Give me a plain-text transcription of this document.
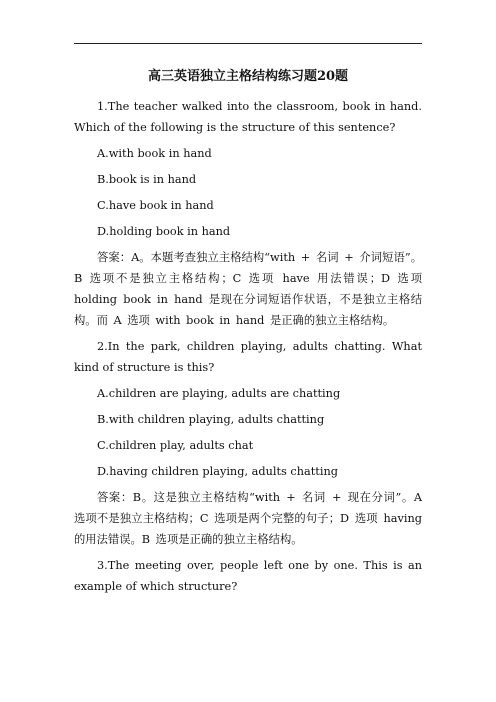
高三英语独立主格结构练习题20题

1.The teacher walked into the classroom, book in hand. Which of the following is the structure of this sentence?

A.with book in hand

B.book is in hand

C.have book in hand

D.holding book in hand

答案：A。本题考查独立主格结构“with + 名词 + 介词短语”。B 选项不是独立主格结构；C 选项 have 用法错误；D 选项 holding book in hand 是现在分词短语作状语，不是独立主格结构。而 A 选项 with book in hand 是正确的独立主格结构。

2.In the park, children playing, adults chatting. What kind of structure is this?

A.children are playing, adults are chatting

B.with children playing, adults chatting

C.children play, adults chat

D.having children playing, adults chatting

答案：B。这是独立主格结构“with + 名词 + 现在分词”。A 选项不是独立主格结构；C 选项是两个完整的句子；D 选项 having 的用法错误。B 选项是正确的独立主格结构。

3.The meeting over, people left one by one. This is an example of which structure?
